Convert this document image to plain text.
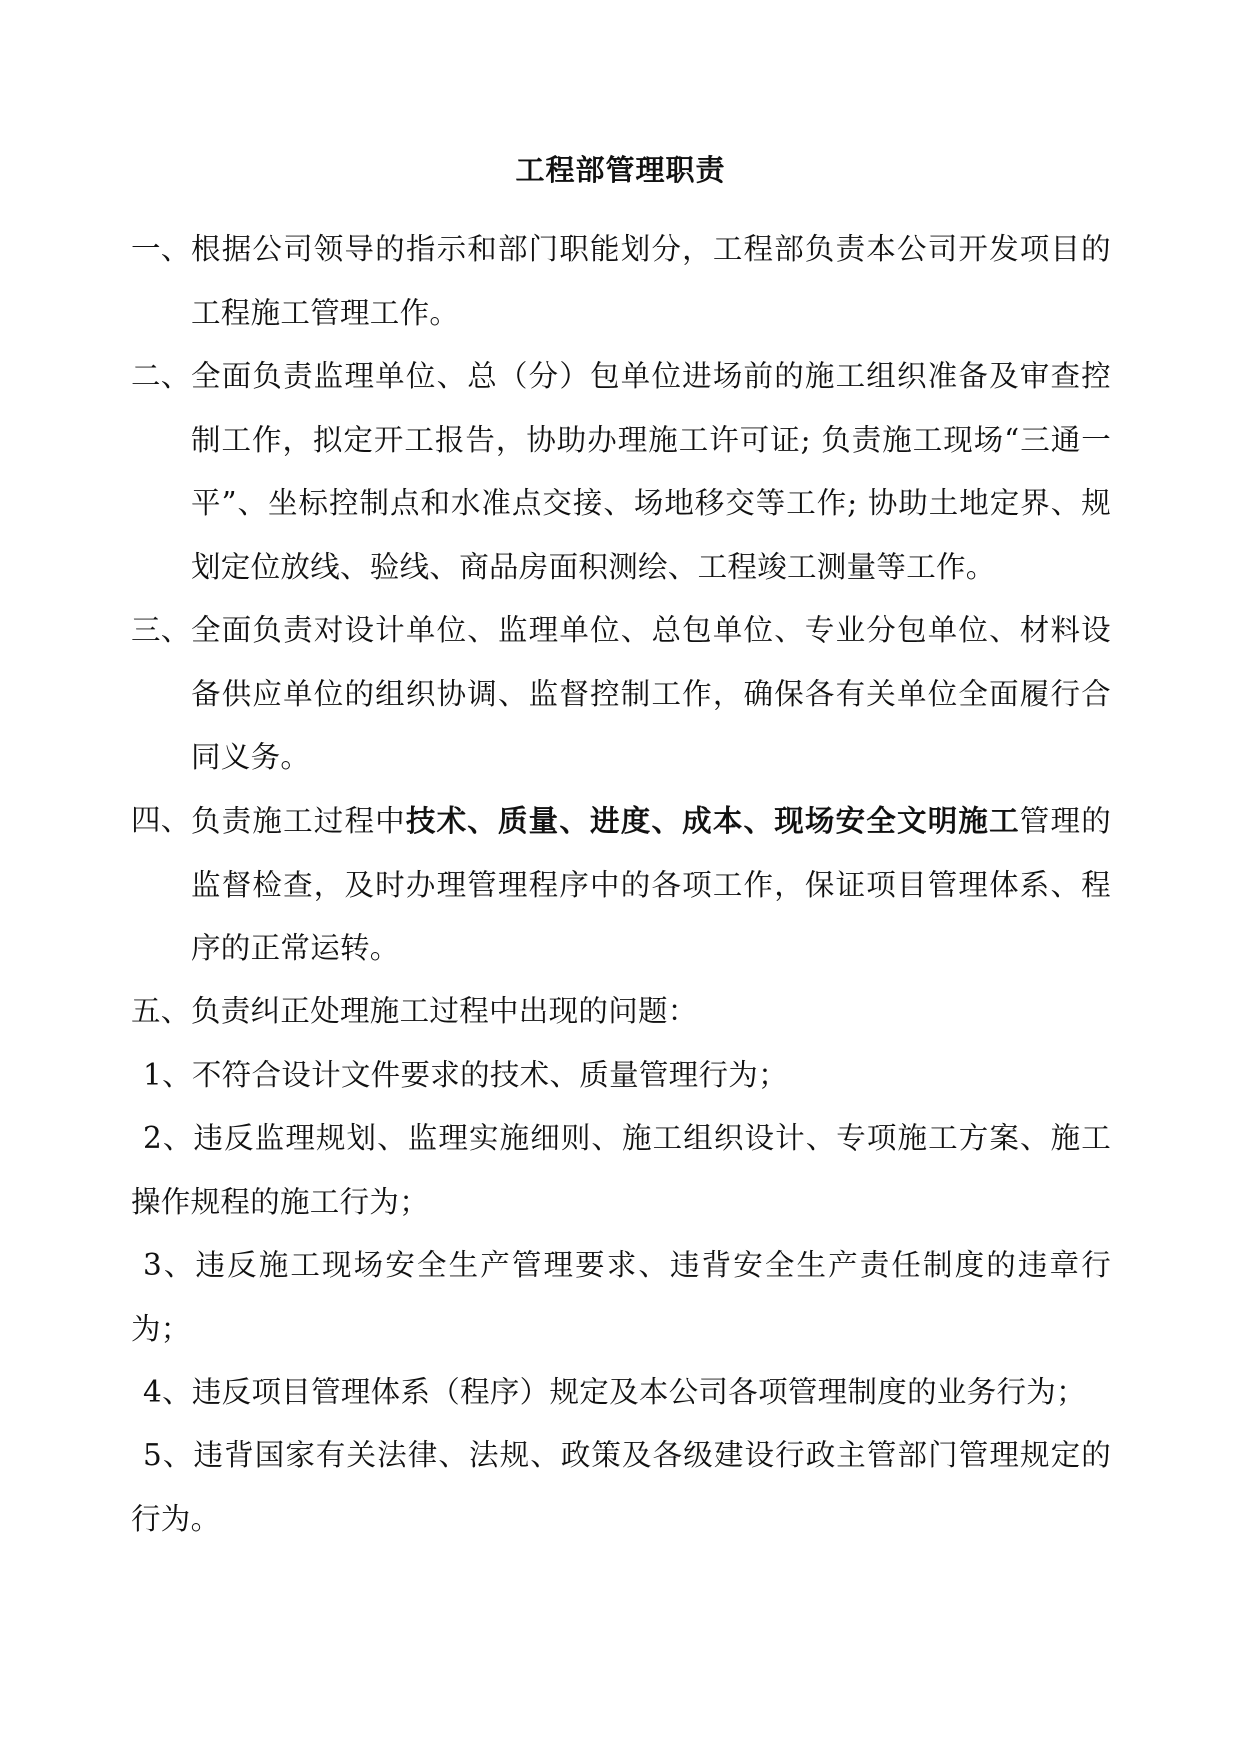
工程部管理职责
一、 根据公司领导的指示和部门职能划分，工程部负责本公司开发项目的工程施工管理工作。
二、 全面负责监理单位、总（分）包单位进场前的施工组织准备及审查控制工作，拟定开工报告，协助办理施工许可证; 负责施工现场“三通一平”、坐标控制点和水准点交接、场地移交等工作; 协助土地定界、规划定位放线、验线、商品房面积测绘、工程竣工测量等工作。
三、 全面负责对设计单位、监理单位、总包单位、专业分包单位、材料设备供应单位的组织协调、监督控制工作，确保各有关单位全面履行合同义务。
四、 负责施工过程中技术、质量、进度、成本、现场安全文明施工管理的监督检查，及时办理管理程序中的各项工作，保证项目管理体系、程序的正常运转。
五、 负责纠正处理施工过程中出现的问题：
1、不符合设计文件要求的技术、质量管理行为；
2、违反监理规划、监理实施细则、施工组织设计、专项施工方案、施工操作规程的施工行为；
3、违反施工现场安全生产管理要求、违背安全生产责任制度的违章行为；
4、违反项目管理体系（程序）规定及本公司各项管理制度的业务行为；
5、违背国家有关法律、法规、政策及各级建设行政主管部门管理规定的行为。
